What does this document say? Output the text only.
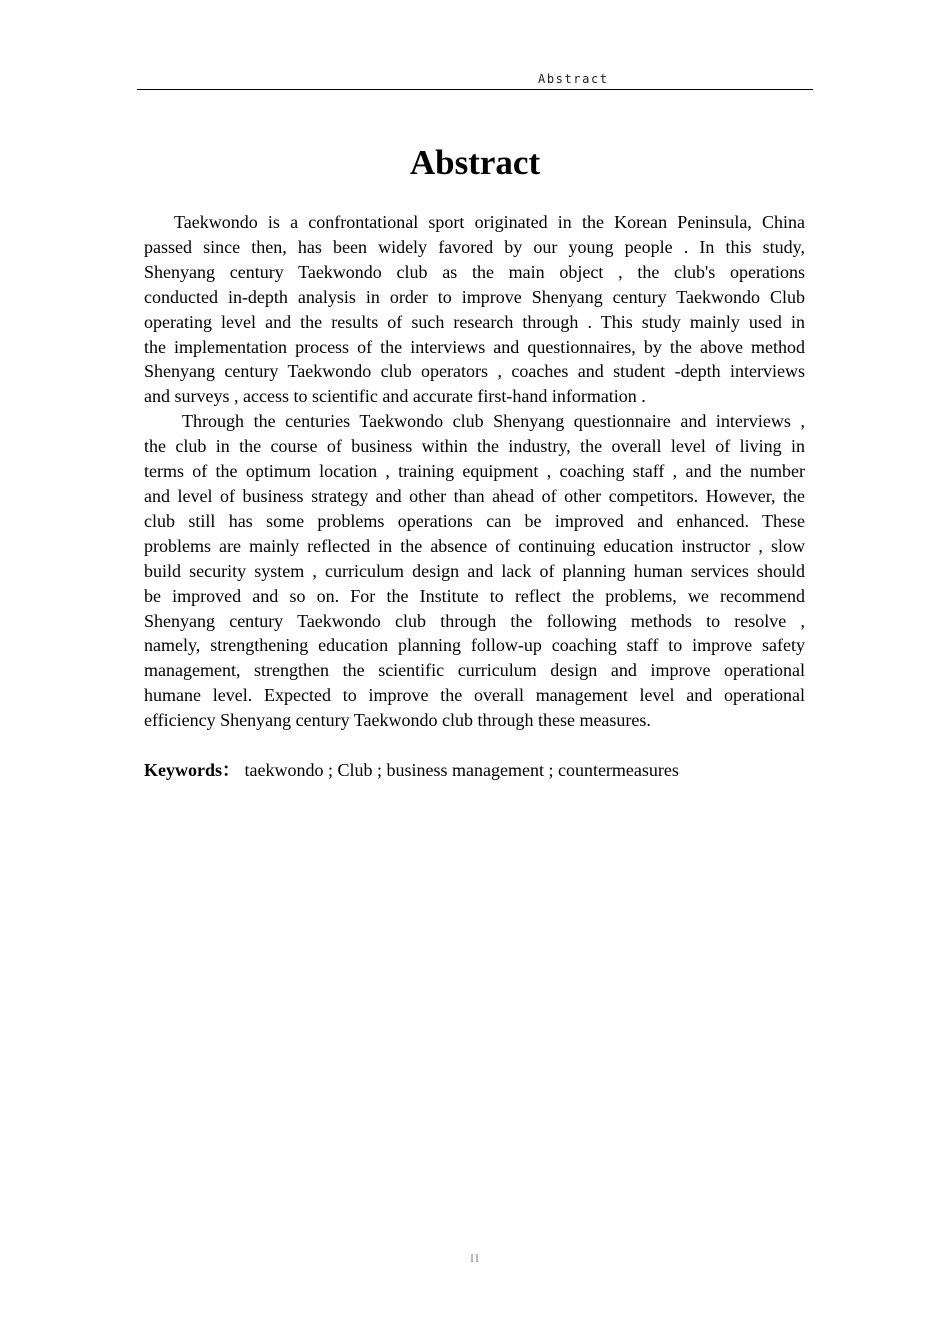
Abstract
Abstract
Taekwondo is a confrontational sport originated in the Korean Peninsula, China
passed since then, has been widely favored by our young people . In this study,
Shenyang century Taekwondo club as the main object , the club's operations
conducted in-depth analysis in order to improve Shenyang century Taekwondo Club
operating level and the results of such research through . This study mainly used in
the implementation process of the interviews and questionnaires, by the above method
Shenyang century Taekwondo club operators , coaches and student -depth interviews
and surveys , access to scientific and accurate first-hand information .
Through the centuries Taekwondo club Shenyang questionnaire and interviews ,
the club in the course of business within the industry, the overall level of living in
terms of the optimum location , training equipment , coaching staff , and the number
and level of business strategy and other than ahead of other competitors. However, the
club still has some problems operations can be improved and enhanced. These
problems are mainly reflected in the absence of continuing education instructor , slow
build security system , curriculum design and lack of planning human services should
be improved and so on. For the Institute to reflect the problems, we recommend
Shenyang century Taekwondo club through the following methods to resolve ,
namely, strengthening education planning follow-up coaching staff to improve safety
management, strengthen the scientific curriculum design and improve operational
humane level. Expected to improve the overall management level and operational
efficiency Shenyang century Taekwondo club through these measures.
Keywords： taekwondo ; Club ; business management ; countermeasures
II
